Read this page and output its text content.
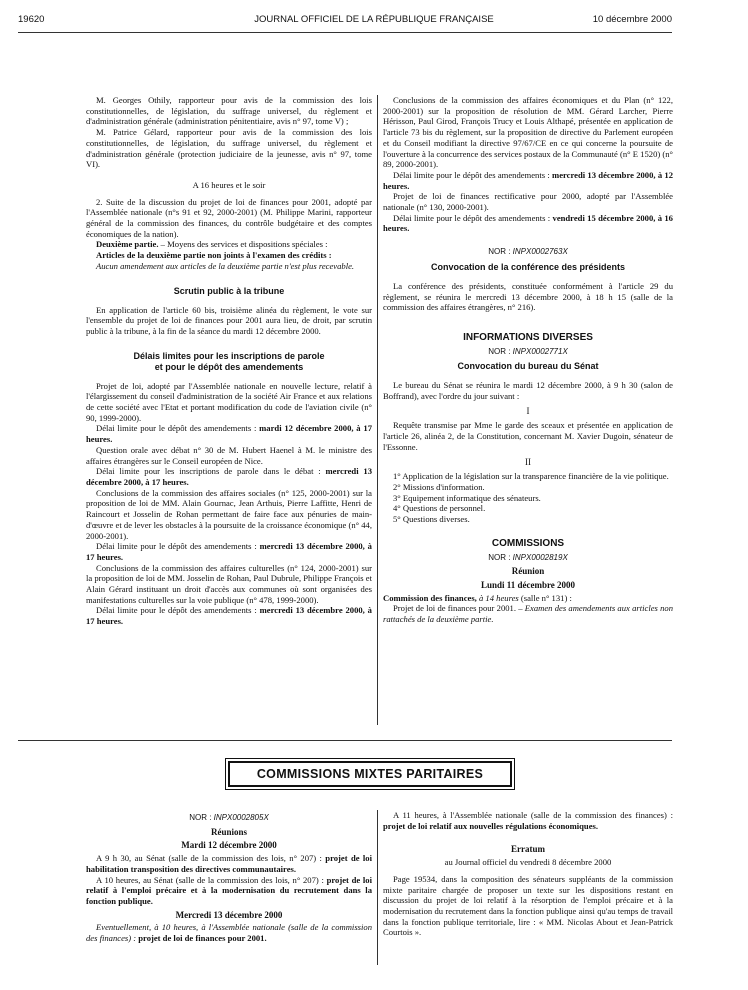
19620	JOURNAL OFFICIEL DE LA RÉPUBLIQUE FRANÇAISE	10 décembre 2000

M. Georges Othily, rapporteur pour avis de la commission des lois constitutionnelles, de législation, du suffrage universel, du règlement et d'administration générale (administration pénitentiaire, avis n° 97, tome V) ;

M. Patrice Gélard, rapporteur pour avis de la commission des lois constitutionnelles, de législation, du suffrage universel, du règlement et d'administration générale (protection judiciaire de la jeunesse, avis n° 97, tome VI).

A 16 heures et le soir

2. Suite de la discussion du projet de loi de finances pour 2001, adopté par l'Assemblée nationale (n°s 91 et 92, 2000-2001) (M. Philippe Marini, rapporteur général de la commission des finances, du contrôle budgétaire et des comptes économiques de la nation).

Deuxième partie. – Moyens des services et dispositions spéciales :

Articles de la deuxième partie non joints à l'examen des crédits :

Aucun amendement aux articles de la deuxième partie n'est plus recevable.

Scrutin public à la tribune

En application de l'article 60 bis, troisième alinéa du règlement, le vote sur l'ensemble du projet de loi de finances pour 2001 aura lieu, de droit, par scrutin public à la tribune, à la fin de la séance du mardi 12 décembre 2000.

Délais limites pour les inscriptions de parole
et pour le dépôt des amendements

Projet de loi, adopté par l'Assemblée nationale en nouvelle lecture, relatif à l'élargissement du conseil d'administration de la société Air France et aux relations de cette société avec l'Etat et portant modification du code de l'aviation civile (n° 90, 1999-2000).

Délai limite pour le dépôt des amendements : mardi 12 décembre 2000, à 17 heures.

Question orale avec débat n° 30 de M. Hubert Haenel à M. le ministre des affaires étrangères sur le Conseil européen de Nice.

Délai limite pour les inscriptions de parole dans le débat : mercredi 13 décembre 2000, à 17 heures.

Conclusions de la commission des affaires sociales (n° 125, 2000-2001) sur la proposition de loi de MM. Alain Gournac, Jean Arthuis, Pierre Laffitte, Henri de Raincourt et Josselin de Rohan permettant de faire face aux pénuries de main-d'œuvre et de lever les obstacles à la poursuite de la croissance économique (n° 44, 2000-2001).

Délai limite pour le dépôt des amendements : mercredi 13 décembre 2000, à 17 heures.

Conclusions de la commission des affaires culturelles (n° 124, 2000-2001) sur la proposition de loi de MM. Josselin de Rohan, Paul Dubrule, Philippe François et Alain Gérard instituant un droit d'accès aux communes où sont organisées des manifestations culturelles sur la voie publique (n° 478, 1999-2000).

Délai limite pour le dépôt des amendements : mercredi 13 décembre 2000, à 17 heures.

Conclusions de la commission des affaires économiques et du Plan (n° 122, 2000-2001) sur la proposition de résolution de MM. Gérard Larcher, Pierre Hérisson, Paul Girod, François Trucy et Louis Althapé, présentée en application de l'article 73 bis du règlement, sur la proposition de directive du Parlement européen et du Conseil modifiant la directive 97/67/CE en ce qui concerne la poursuite de l'ouverture à la concurrence des services postaux de la Communauté (n° E 1520) (n° 89, 2000-2001).

Délai limite pour le dépôt des amendements : mercredi 13 décembre 2000, à 12 heures.

Projet de loi de finances rectificative pour 2000, adopté par l'Assemblée nationale (n° 130, 2000-2001).

Délai limite pour le dépôt des amendements : vendredi 15 décembre 2000, à 16 heures.

NOR : INPX0002763X
Convocation de la conférence des présidents

La conférence des présidents, constituée conformément à l'article 29 du règlement, se réunira le mercredi 13 décembre 2000, à 18 h 15 (salle de la commission des affaires étrangères, n° 216).

INFORMATIONS DIVERSES
NOR : INPX0002771X
Convocation du bureau du Sénat

Le bureau du Sénat se réunira le mardi 12 décembre 2000, à 9 h 30 (salon de Boffrand), avec l'ordre du jour suivant :

I

Requête transmise par Mme le garde des sceaux et présentée en application de l'article 26, alinéa 2, de la Constitution, concernant M. Xavier Dugoin, sénateur de l'Essonne.

II

1° Application de la législation sur la transparence financière de la vie politique.

2° Missions d'information.

3° Equipement informatique des sénateurs.

4° Questions de personnel.

5° Questions diverses.

COMMISSIONS
NOR : INPX0002819X
Réunion
Lundi 11 décembre 2000

Commission des finances, à 14 heures (salle n° 131) :

Projet de loi de finances pour 2001. – Examen des amendements aux articles non rattachés de la deuxième partie.

COMMISSIONS MIXTES PARITAIRES
NOR : INPX0002805X
Réunions
Mardi 12 décembre 2000

A 9 h 30, au Sénat (salle de la commission des lois, n° 207) : projet de loi habilitation transposition des directives communautaires.

A 10 heures, au Sénat (salle de la commission des lois, n° 207) : projet de loi relatif à l'emploi précaire et à la modernisation du recrutement dans la fonction publique.

Mercredi 13 décembre 2000

Eventuellement, à 10 heures, à l'Assemblée nationale (salle de la commission des finances) : projet de loi de finances pour 2001.

A 11 heures, à l'Assemblée nationale (salle de la commission des finances) : projet de loi relatif aux nouvelles régulations économiques.

Erratum

au Journal officiel du vendredi 8 décembre 2000

Page 19534, dans la composition des sénateurs suppléants de la commission mixte paritaire chargée de proposer un texte sur les dispositions restant en discussion du projet de loi relatif à la résorption de l'emploi précaire et à la modernisation du recrutement dans la fonction publique ainsi qu'au temps de travail dans la fonction publique territoriale, lire : « MM. Nicolas About et Jean-Patrick Courtois ».
